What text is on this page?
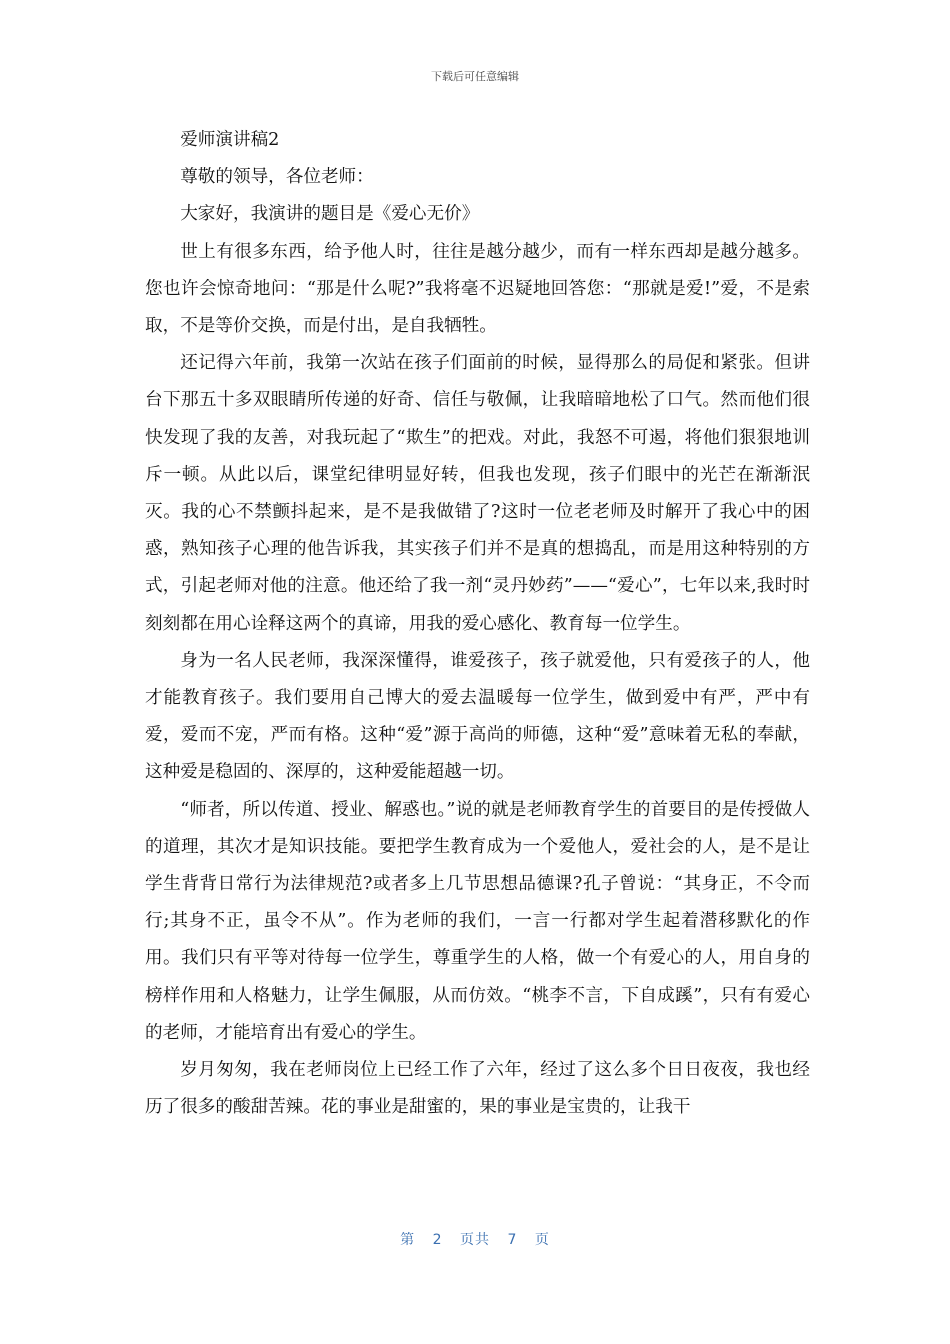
下载后可任意编辑

爱师演讲稿2

尊敬的领导，各位老师：

大家好，我演讲的题目是《爱心无价》

世上有很多东西，给予他人时，往往是越分越少，而有一样东西却是越分越多。您也许会惊奇地问：“那是什么呢?”我将毫不迟疑地回答您：“那就是爱!”爱，不是索取，不是等价交换，而是付出，是自我牺牲。

还记得六年前，我第一次站在孩子们面前的时候，显得那么的局促和紧张。但讲台下那五十多双眼睛所传递的好奇、信任与敬佩，让我暗暗地松了口气。然而他们很快发现了我的友善，对我玩起了“欺生”的把戏。对此，我怒不可遏，将他们狠狠地训斥一顿。从此以后，课堂纪律明显好转，但我也发现，孩子们眼中的光芒在渐渐泯灭。我的心不禁颤抖起来，是不是我做错了?这时一位老老师及时解开了我心中的困惑，熟知孩子心理的他告诉我，其实孩子们并不是真的想捣乱，而是用这种特别的方式，引起老师对他的注意。他还给了我一剂“灵丹妙药”——“爱心”，七年以来,我时时刻刻都在用心诠释这两个的真谛，用我的爱心感化、教育每一位学生。

身为一名人民老师，我深深懂得，谁爱孩子，孩子就爱他，只有爱孩子的人，他才能教育孩子。我们要用自己博大的爱去温暖每一位学生，做到爱中有严，严中有爱，爱而不宠，严而有格。这种“爱”源于高尚的师德，这种“爱”意味着无私的奉献，这种爱是稳固的、深厚的，这种爱能超越一切。

“师者，所以传道、授业、解惑也。”说的就是老师教育学生的首要目的是传授做人的道理，其次才是知识技能。要把学生教育成为一个爱他人，爱社会的人，是不是让学生背背日常行为法律规范?或者多上几节思想品德课?孔子曾说：“其身正，不令而行;其身不正，虽令不从”。作为老师的我们，一言一行都对学生起着潜移默化的作用。我们只有平等对待每一位学生，尊重学生的人格，做一个有爱心的人，用自身的榜样作用和人格魅力，让学生佩服，从而仿效。“桃李不言，下自成蹊”，只有有爱心的老师，才能培育出有爱心的学生。

岁月匆匆，我在老师岗位上已经工作了六年，经过了这么多个日日夜夜，我也经历了很多的酸甜苦辣。花的事业是甜蜜的，果的事业是宝贵的，让我干

第 2 页共 7 页
